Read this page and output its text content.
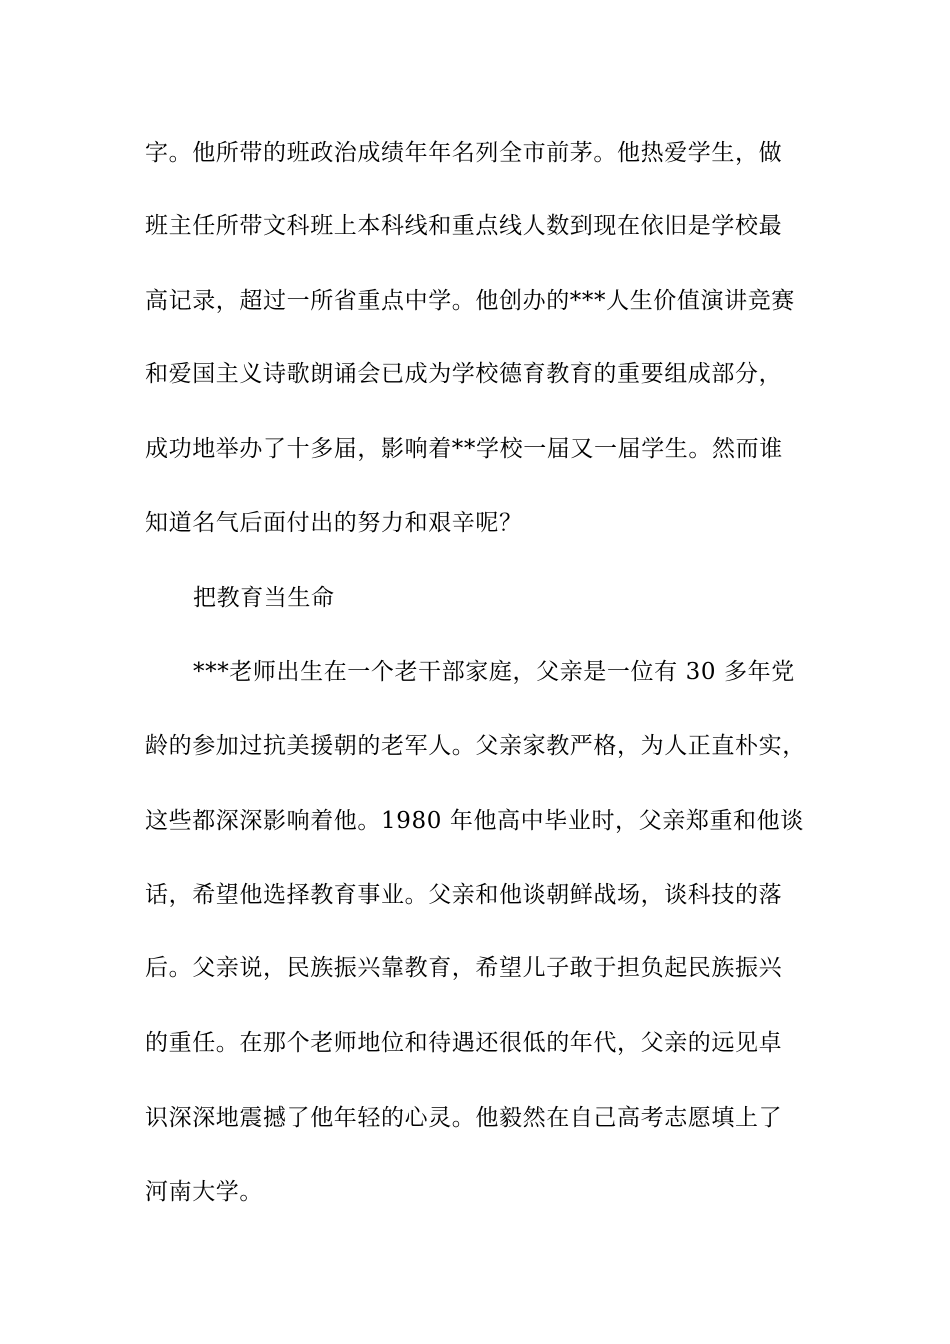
字。他所带的班政治成绩年年名列全市前茅。他热爱学生，做
班主任所带文科班上本科线和重点线人数到现在依旧是学校最
高记录，超过一所省重点中学。他创办的***人生价值演讲竞赛
和爱国主义诗歌朗诵会已成为学校德育教育的重要组成部分，
成功地举办了十多届，影响着**学校一届又一届学生。然而谁
知道名气后面付出的努力和艰辛呢？
把教育当生命
***老师出生在一个老干部家庭，父亲是一位有 30 多年党
龄的参加过抗美援朝的老军人。父亲家教严格，为人正直朴实，
这些都深深影响着他。1980 年他高中毕业时，父亲郑重和他谈
话，希望他选择教育事业。父亲和他谈朝鲜战场，谈科技的落
后。父亲说，民族振兴靠教育，希望儿子敢于担负起民族振兴
的重任。在那个老师地位和待遇还很低的年代，父亲的远见卓
识深深地震撼了他年轻的心灵。他毅然在自己高考志愿填上了
河南大学。
